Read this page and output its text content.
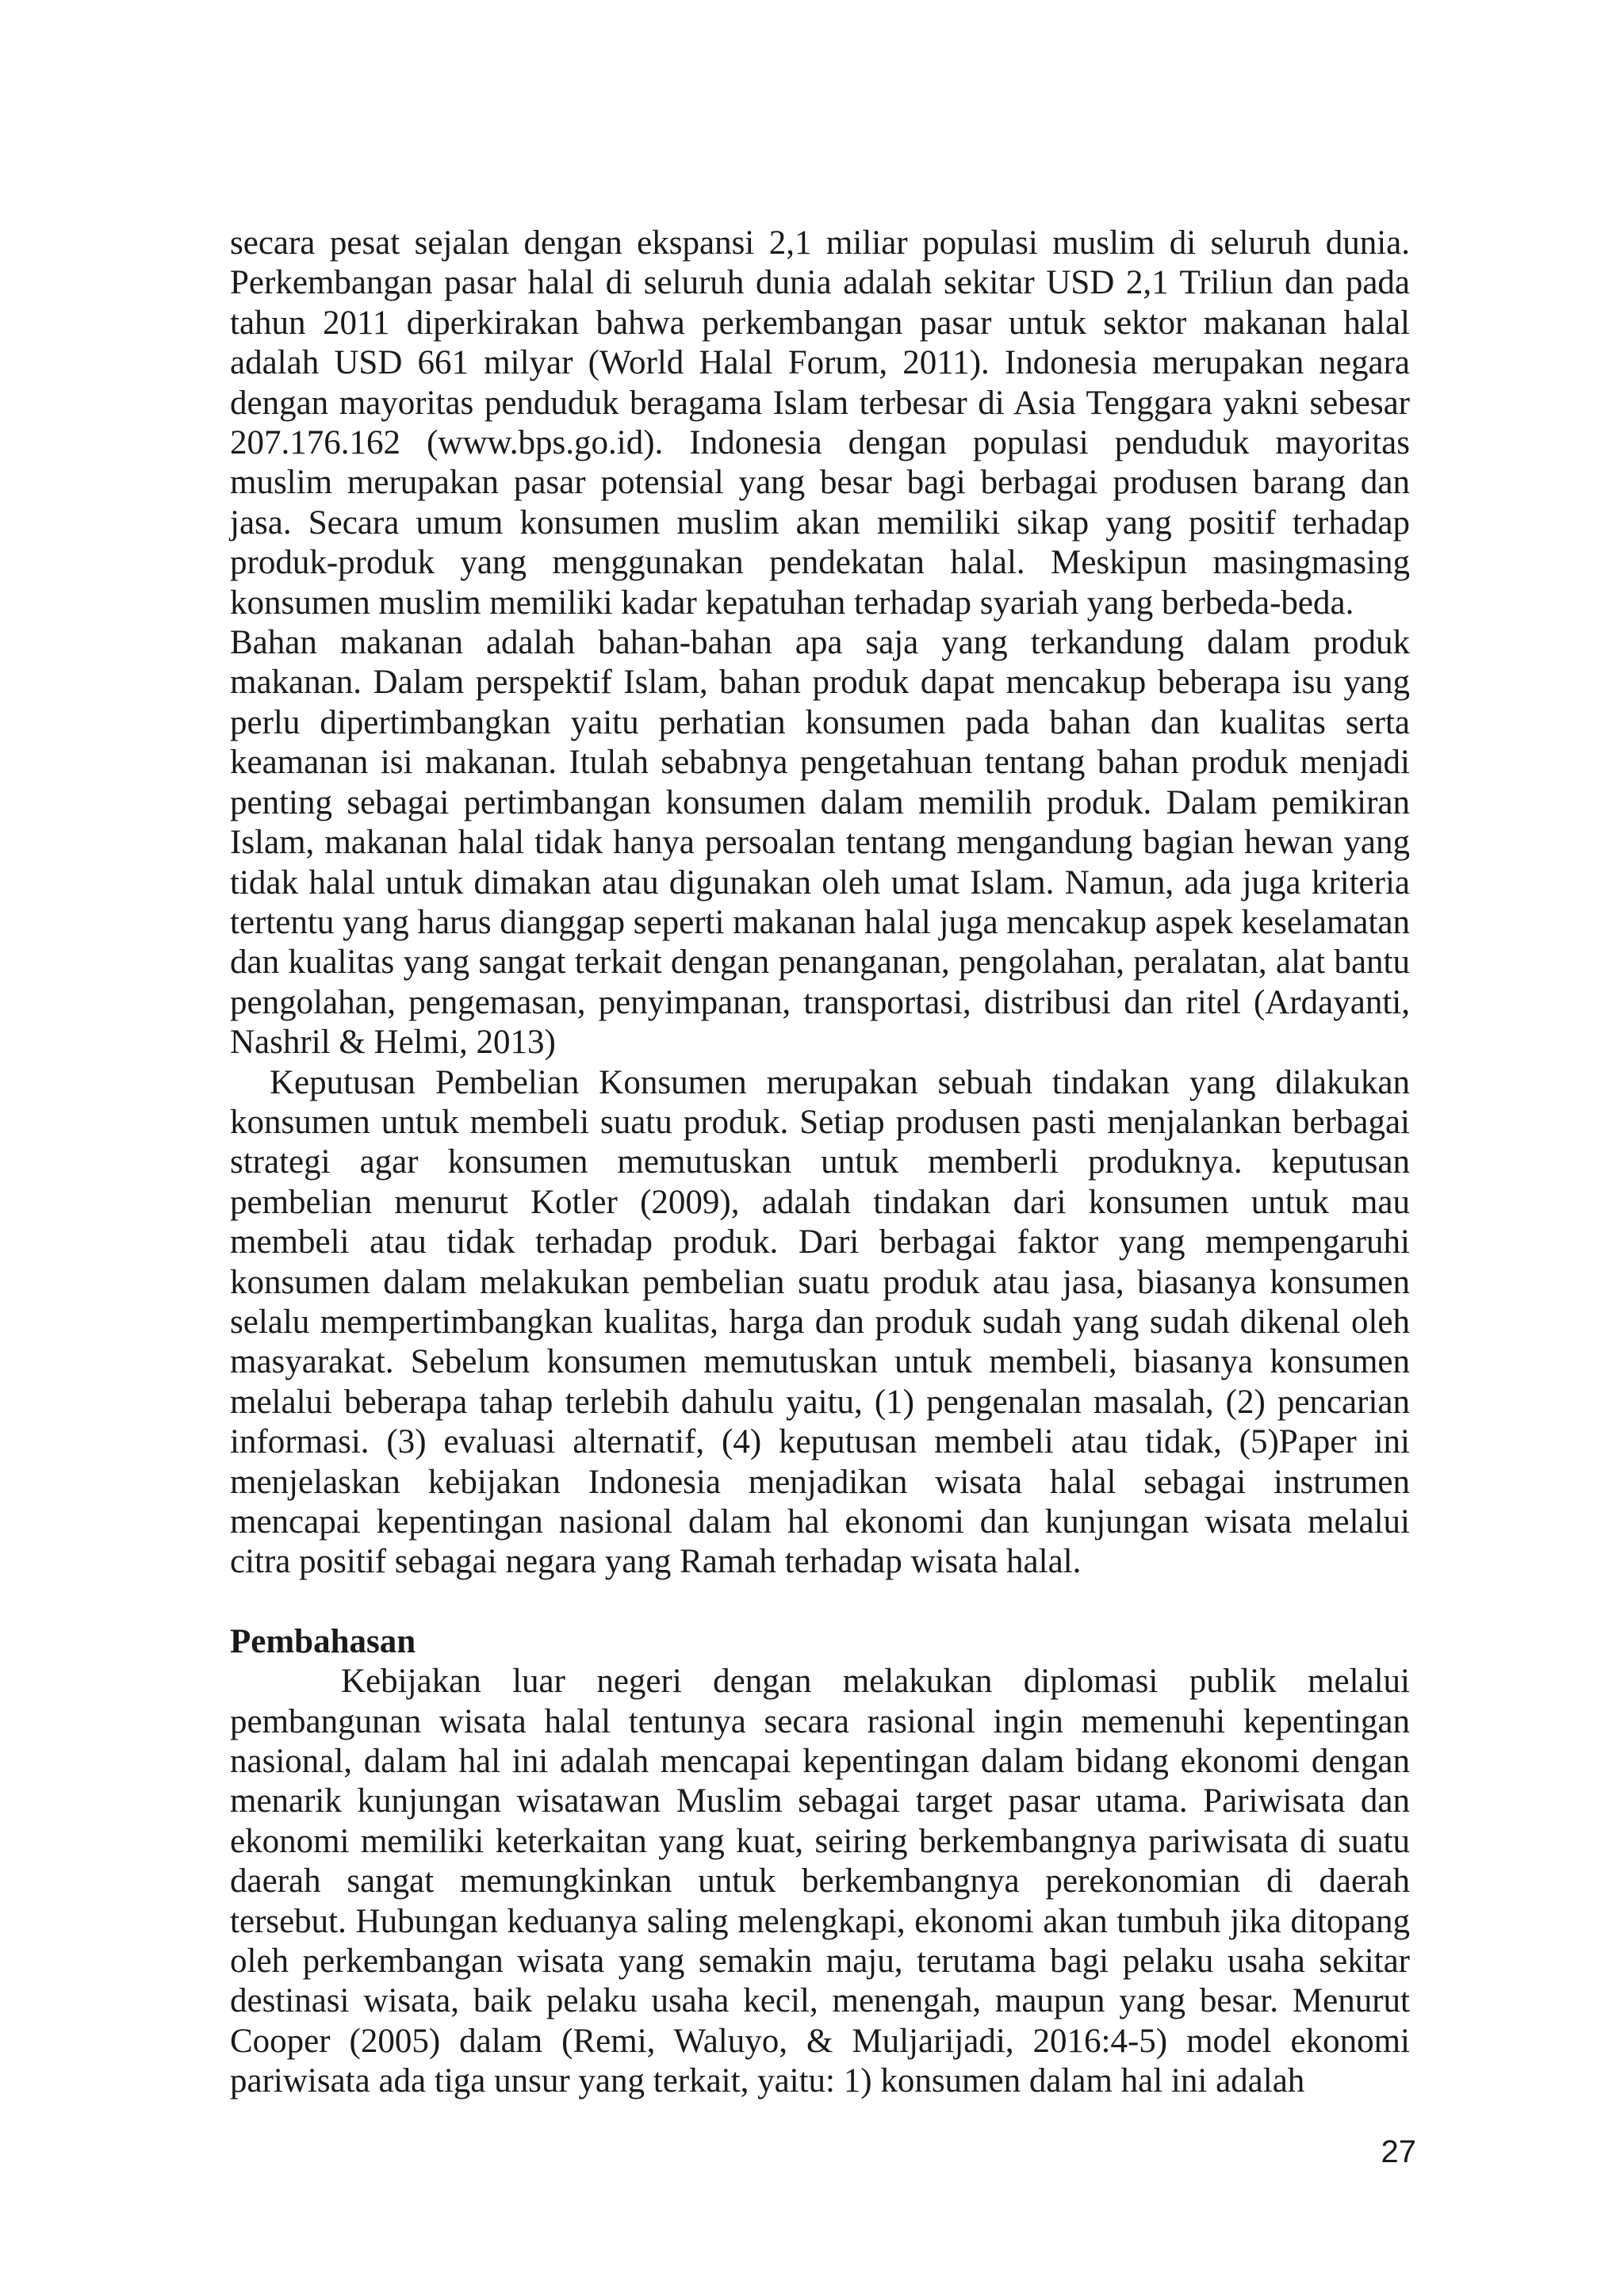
secara pesat sejalan dengan ekspansi 2,1 miliar populasi muslim di seluruh dunia. Perkembangan pasar halal di seluruh dunia adalah sekitar USD 2,1 Triliun dan pada tahun 2011 diperkirakan bahwa perkembangan pasar untuk sektor makanan halal adalah USD 661 milyar (World Halal Forum, 2011). Indonesia merupakan negara dengan mayoritas penduduk beragama Islam terbesar di Asia Tenggara yakni sebesar 207.176.162 (www.bps.go.id). Indonesia dengan populasi penduduk mayoritas muslim merupakan pasar potensial yang besar bagi berbagai produsen barang dan jasa. Secara umum konsumen muslim akan memiliki sikap yang positif terhadap produk-produk yang menggunakan pendekatan halal. Meskipun masingmasing konsumen muslim memiliki kadar kepatuhan terhadap syariah yang berbeda-beda.

Bahan makanan adalah bahan-bahan apa saja yang terkandung dalam produk makanan. Dalam perspektif Islam, bahan produk dapat mencakup beberapa isu yang perlu dipertimbangkan yaitu perhatian konsumen pada bahan dan kualitas serta keamanan isi makanan. Itulah sebabnya pengetahuan tentang bahan produk menjadi penting sebagai pertimbangan konsumen dalam memilih produk. Dalam pemikiran Islam, makanan halal tidak hanya persoalan tentang mengandung bagian hewan yang tidak halal untuk dimakan atau digunakan oleh umat Islam. Namun, ada juga kriteria tertentu yang harus dianggap seperti makanan halal juga mencakup aspek keselamatan dan kualitas yang sangat terkait dengan penanganan, pengolahan, peralatan, alat bantu pengolahan, pengemasan, penyimpanan, transportasi, distribusi dan ritel (Ardayanti, Nashril & Helmi, 2013)

Keputusan Pembelian Konsumen merupakan sebuah tindakan yang dilakukan konsumen untuk membeli suatu produk. Setiap produsen pasti menjalankan berbagai strategi agar konsumen memutuskan untuk memberli produknya. keputusan pembelian menurut Kotler (2009), adalah tindakan dari konsumen untuk mau membeli atau tidak terhadap produk. Dari berbagai faktor yang mempengaruhi konsumen dalam melakukan pembelian suatu produk atau jasa, biasanya konsumen selalu mempertimbangkan kualitas, harga dan produk sudah yang sudah dikenal oleh masyarakat. Sebelum konsumen memutuskan untuk membeli, biasanya konsumen melalui beberapa tahap terlebih dahulu yaitu, (1) pengenalan masalah, (2) pencarian informasi. (3) evaluasi alternatif, (4) keputusan membeli atau tidak, (5)Paper ini menjelaskan kebijakan Indonesia menjadikan wisata halal sebagai instrumen mencapai kepentingan nasional dalam hal ekonomi dan kunjungan wisata melalui citra positif sebagai negara yang Ramah terhadap wisata halal.

Pembahasan

Kebijakan luar negeri dengan melakukan diplomasi publik melalui pembangunan wisata halal tentunya secara rasional ingin memenuhi kepentingan nasional, dalam hal ini adalah mencapai kepentingan dalam bidang ekonomi dengan menarik kunjungan wisatawan Muslim sebagai target pasar utama. Pariwisata dan ekonomi memiliki keterkaitan yang kuat, seiring berkembangnya pariwisata di suatu daerah sangat memungkinkan untuk berkembangnya perekonomian di daerah tersebut. Hubungan keduanya saling melengkapi, ekonomi akan tumbuh jika ditopang oleh perkembangan wisata yang semakin maju, terutama bagi pelaku usaha sekitar destinasi wisata, baik pelaku usaha kecil, menengah, maupun yang besar. Menurut Cooper (2005) dalam (Remi, Waluyo, & Muljarijadi, 2016:4-5) model ekonomi pariwisata ada tiga unsur yang terkait, yaitu: 1) konsumen dalam hal ini adalah

27
